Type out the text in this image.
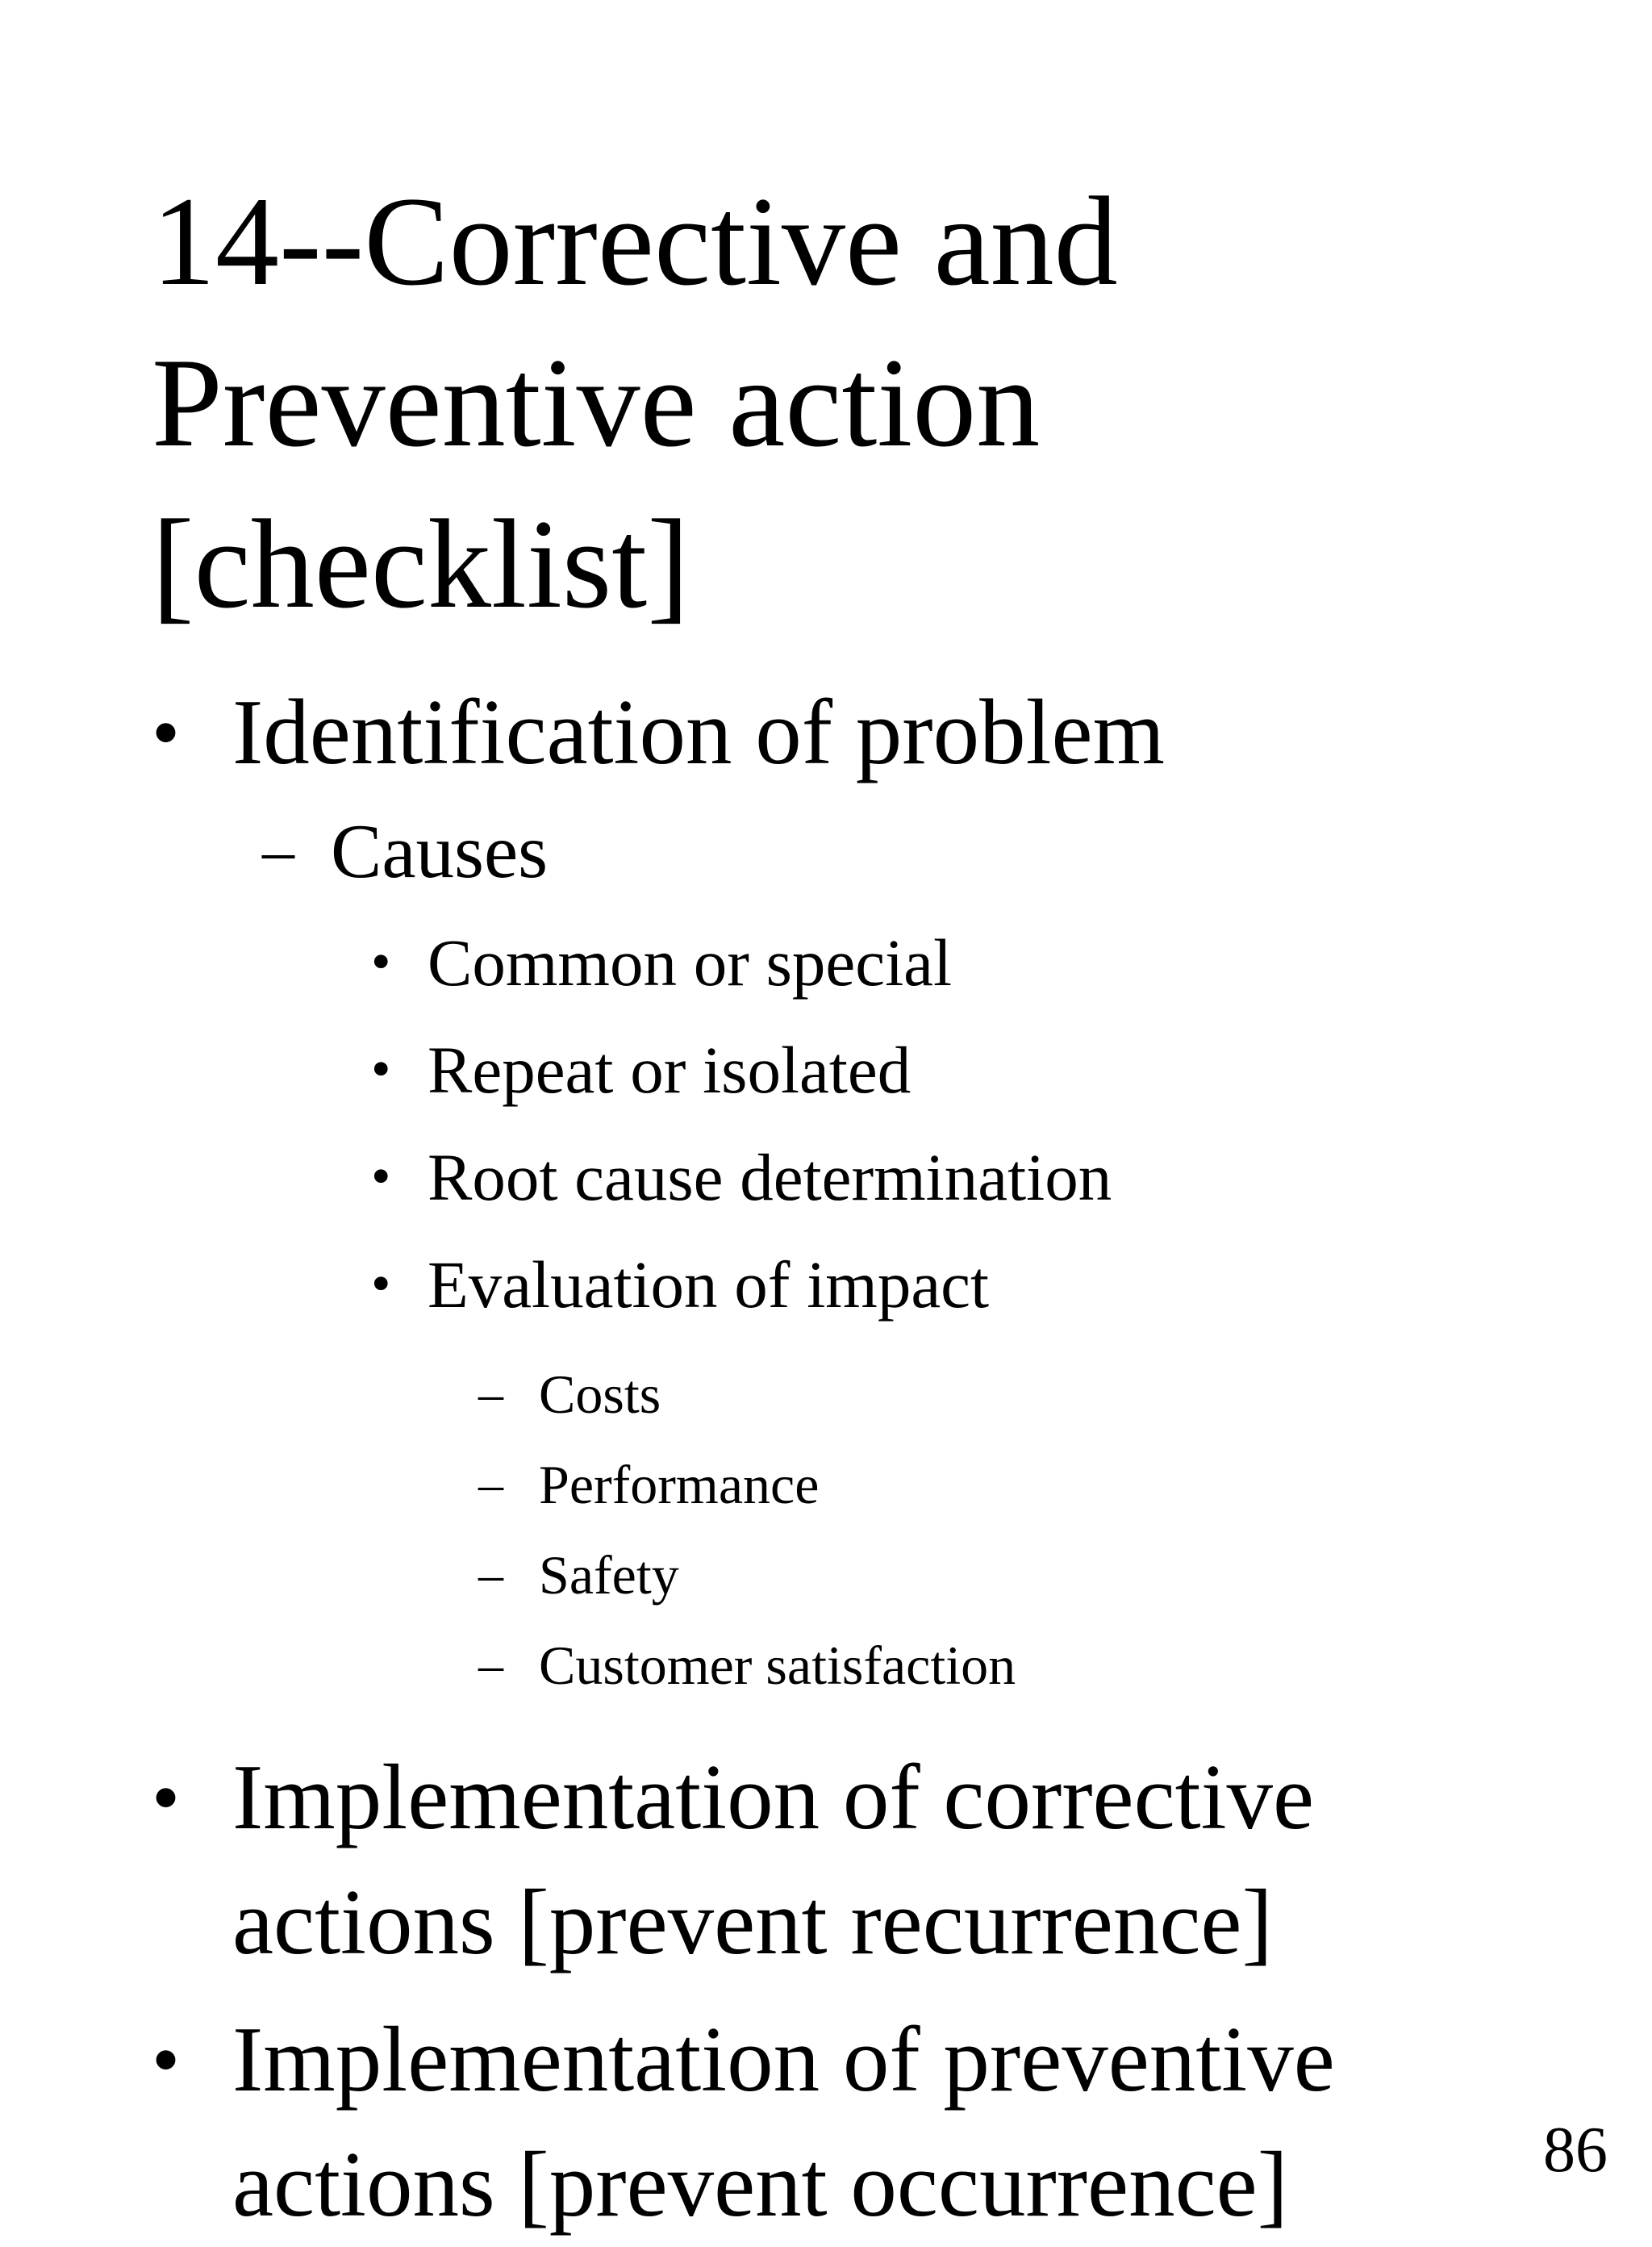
14--Corrective and
Preventive action
[checklist]
• Identification of problem
– Causes
• Common or special
• Repeat or isolated
• Root cause determination
• Evaluation of impact
– Costs
– Performance
– Safety
– Customer satisfaction
• Implementation of corrective
actions [prevent recurrence]
• Implementation of preventive
actions [prevent occurrence]	86
